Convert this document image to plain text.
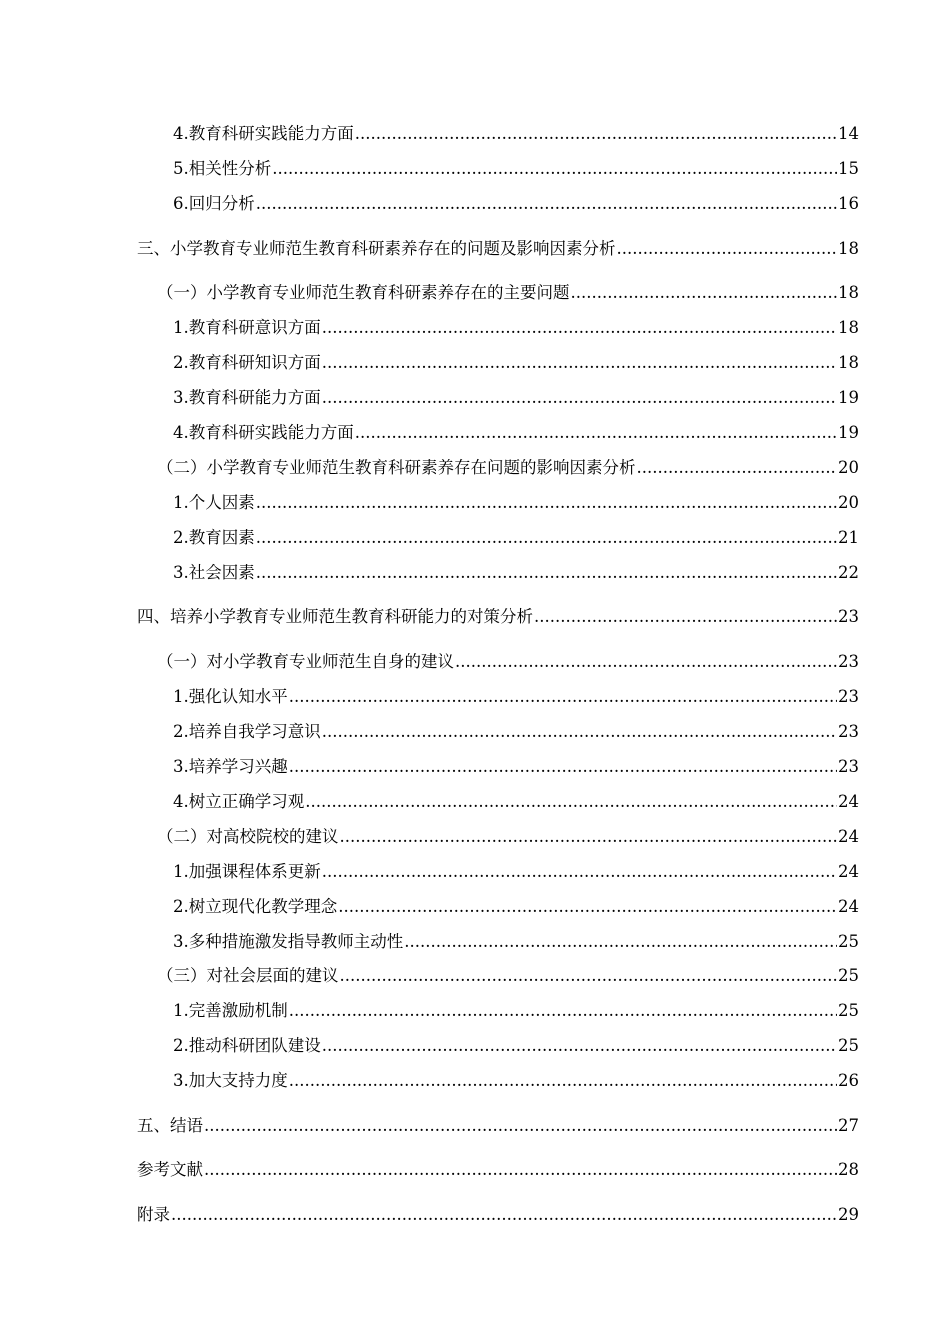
4.教育科研实践能力方面 .....	14
5.相关性分析 .....	15
6.回归分析 .....	16
三、小学教育专业师范生教育科研素养存在的问题及影响因素分析 .....	18
（一）小学教育专业师范生教育科研素养存在的主要问题 .....	18
1.教育科研意识方面 .....	18
2.教育科研知识方面 .....	18
3.教育科研能力方面 .....	19
4.教育科研实践能力方面 .....	19
（二）小学教育专业师范生教育科研素养存在问题的影响因素分析 .....	20
1.个人因素 .....	20
2.教育因素 .....	21
3.社会因素 .....	22
四、培养小学教育专业师范生教育科研能力的对策分析 .....	23
（一）对小学教育专业师范生自身的建议 .....	23
1.强化认知水平 .....	23
2.培养自我学习意识 .....	23
3.培养学习兴趣 .....	23
4.树立正确学习观 .....	24
（二）对高校院校的建议 .....	24
1.加强课程体系更新 .....	24
2.树立现代化教学理念 .....	24
3.多种措施激发指导教师主动性 .....	25
（三）对社会层面的建议 .....	25
1.完善激励机制 .....	25
2.推动科研团队建设 .....	25
3.加大支持力度 .....	26
五、结语 .....	27
参考文献 .....	28
附录 .....	29
